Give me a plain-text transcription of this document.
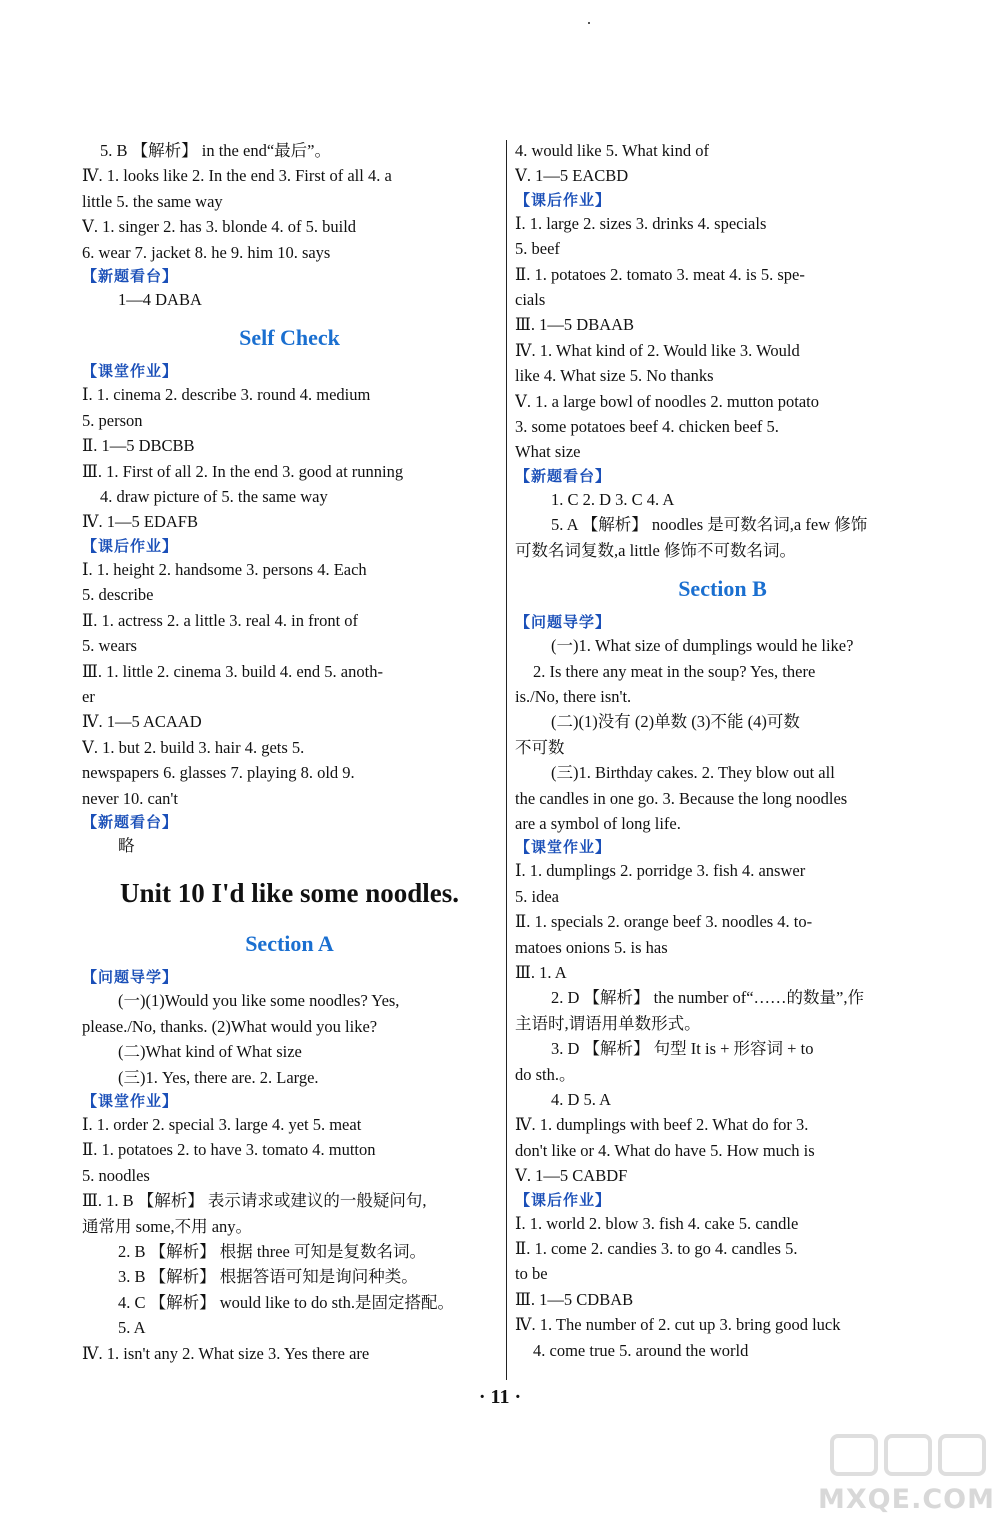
5. B 【解析】 in the end“最后”。
Ⅳ. 1. looks like 2. In the end 3. First of all 4. a
little 5. the same way
Ⅴ. 1. singer 2. has 3. blonde 4. of 5. build
6. wear 7. jacket 8. he 9. him 10. says
【新题看台】
1—4 DABA
Self Check
【课堂作业】
Ⅰ. 1. cinema 2. describe 3. round 4. medium
5. person
Ⅱ. 1—5 DBCBB
Ⅲ. 1. First of all 2. In the end 3. good at running
4. draw picture of 5. the same way
Ⅳ. 1—5 EDAFB
【课后作业】
Ⅰ. 1. height 2. handsome 3. persons 4. Each
5. describe
Ⅱ. 1. actress 2. a little 3. real 4. in front of
5. wears
Ⅲ. 1. little 2. cinema 3. build 4. end 5. anoth-
er
Ⅳ. 1—5 ACAAD
Ⅴ. 1. but 2. build 3. hair 4. gets 5.
newspapers 6. glasses 7. playing 8. old 9.
never 10. can't
【新题看台】
略
Unit 10 I'd like some noodles.
Section A
【问题导学】
(一)(1)Would you like some noodles? Yes,
please./No, thanks. (2)What would you like?
(二)What kind of What size
(三)1. Yes, there are. 2. Large.
【课堂作业】
Ⅰ. 1. order 2. special 3. large 4. yet 5. meat
Ⅱ. 1. potatoes 2. to have 3. tomato 4. mutton
5. noodles
Ⅲ. 1. B 【解析】 表示请求或建议的一般疑问句,
通常用 some,不用 any。
2. B 【解析】 根据 three 可知是复数名词。
3. B 【解析】 根据答语可知是询问种类。
4. C 【解析】 would like to do sth.是固定搭配。
5. A
Ⅳ. 1. isn't any 2. What size 3. Yes there are
4. would like 5. What kind of
Ⅴ. 1—5 EACBD
【课后作业】
Ⅰ. 1. large 2. sizes 3. drinks 4. specials
5. beef
Ⅱ. 1. potatoes 2. tomato 3. meat 4. is 5. spe-
cials
Ⅲ. 1—5 DBAAB
Ⅳ. 1. What kind of 2. Would like 3. Would
like 4. What size 5. No thanks
Ⅴ. 1. a large bowl of noodles 2. mutton potato
3. some potatoes beef 4. chicken beef 5.
What size
【新题看台】
1. C 2. D 3. C 4. A
5. A 【解析】 noodles 是可数名词,a few 修饰
可数名词复数,a little 修饰不可数名词。
Section B
【问题导学】
(一)1. What size of dumplings would he like?
2. Is there any meat in the soup? Yes, there
is./No, there isn't.
(二)(1)没有 (2)单数 (3)不能 (4)可数
不可数
(三)1. Birthday cakes. 2. They blow out all
the candles in one go. 3. Because the long noodles
are a symbol of long life.
【课堂作业】
Ⅰ. 1. dumplings 2. porridge 3. fish 4. answer
5. idea
Ⅱ. 1. specials 2. orange beef 3. noodles 4. to-
matoes onions 5. is has
Ⅲ. 1. A
2. D 【解析】 the number of“……的数量”,作
主语时,谓语用单数形式。
3. D 【解析】 句型 It is + 形容词 + to
do sth.。
4. D 5. A
Ⅳ. 1. dumplings with beef 2. What do for 3.
don't like or 4. What do have 5. How much is
Ⅴ. 1—5 CABDF
【课后作业】
Ⅰ. 1. world 2. blow 3. fish 4. cake 5. candle
Ⅱ. 1. come 2. candies 3. to go 4. candles 5.
to be
Ⅲ. 1—5 CDBAB
Ⅳ. 1. The number of 2. cut up 3. bring good luck
4. come true 5. around the world
· 11 ·
MXQE.COM
